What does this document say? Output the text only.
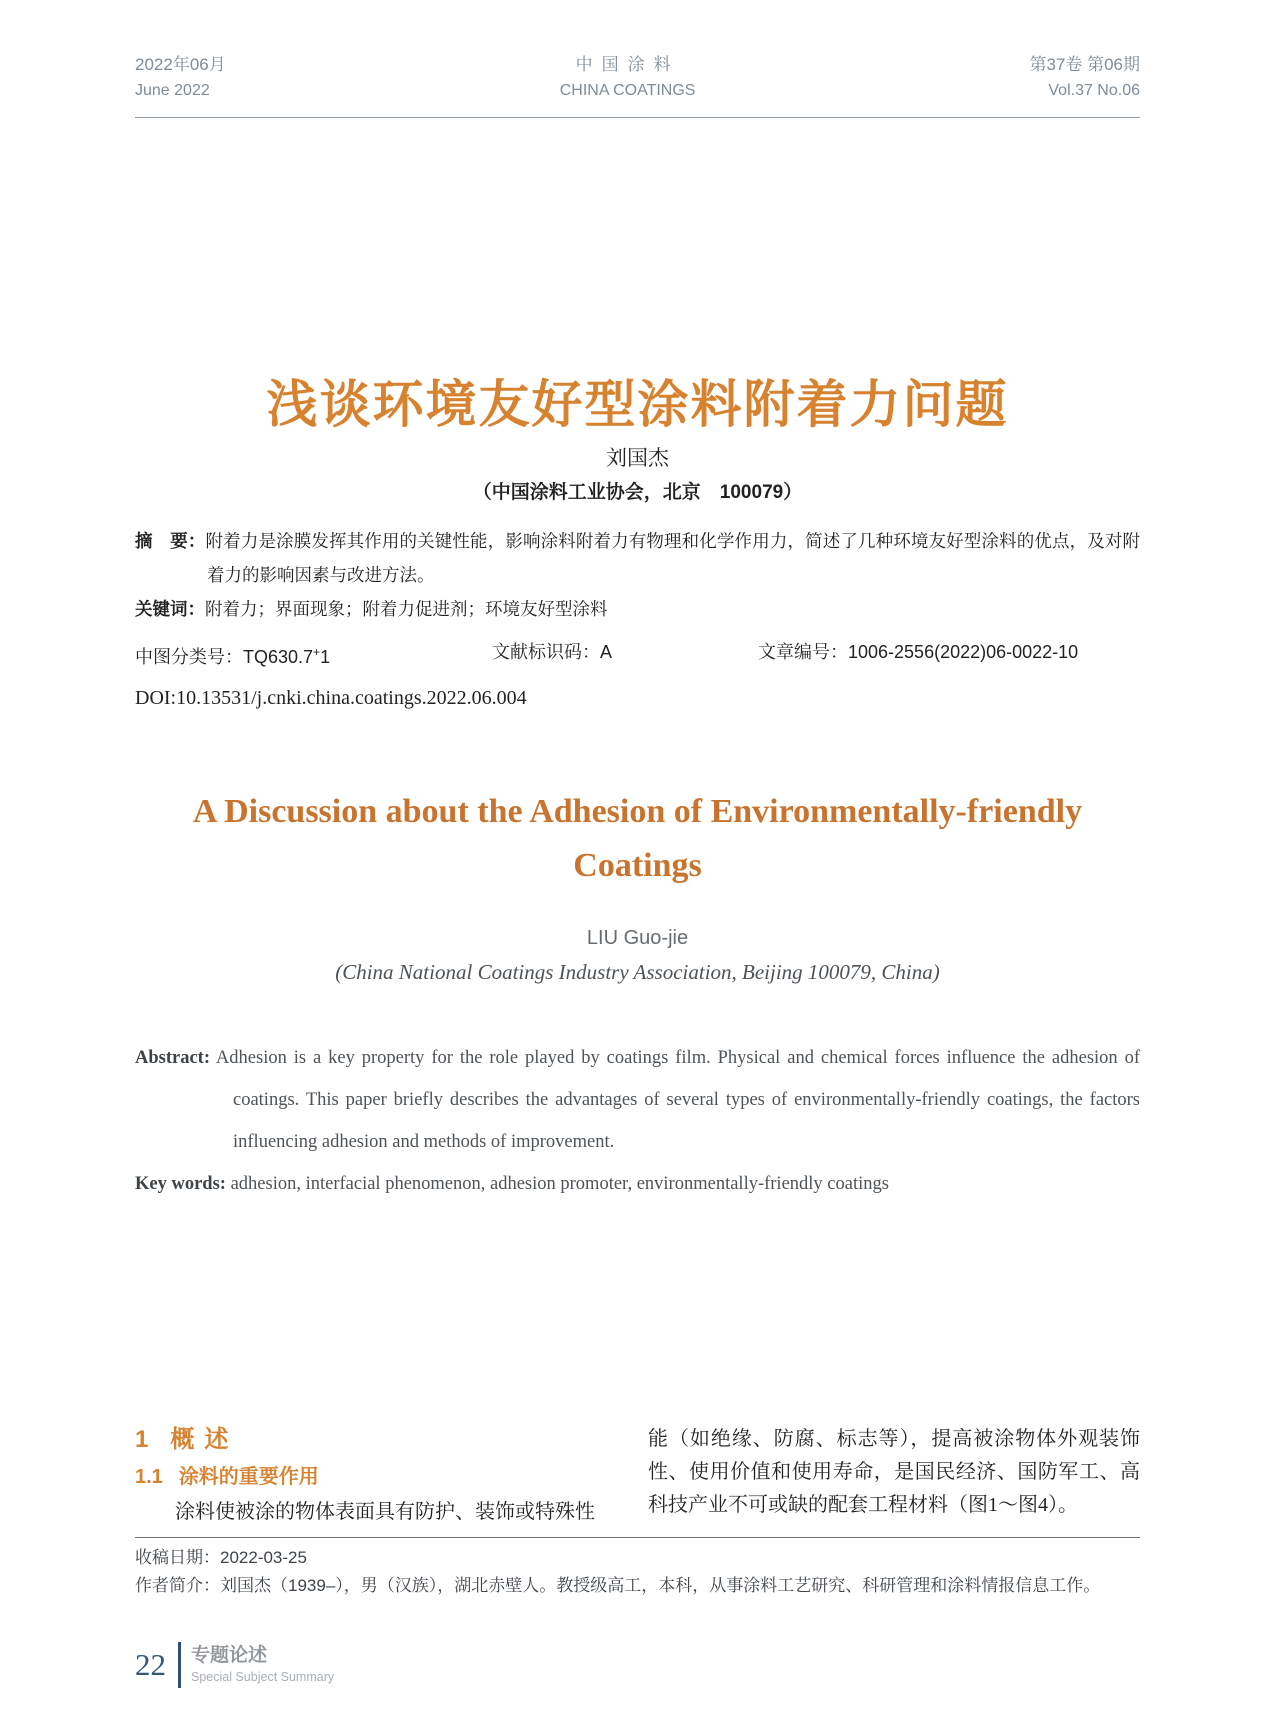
2022年06月
June 2022
中国涂料
CHINA COATINGS
第37卷 第06期
Vol.37 No.06
浅谈环境友好型涂料附着力问题
刘国杰
（中国涂料工业协会，北京　100079）

摘　要：附着力是涂膜发挥其作用的关键性能，影响涂料附着力有物理和化学作用力，简述了几种环境友好型涂料的优点，及对附着力的影响因素与改进方法。

关键词：附着力；界面现象；附着力促进剂；环境友好型涂料

中图分类号：TQ630.7+1	文献标识码：A	文章编号：1006-2556(2022)06-0022-10
DOI:10.13531/j.cnki.china.coatings.2022.06.004
A Discussion about the Adhesion of Environmentally-friendly
Coatings
LIU Guo-jie
(China National Coatings Industry Association, Beijing 100079, China)

Abstract: Adhesion is a key property for the role played by coatings film. Physical and chemical forces influence the adhesion of coatings. This paper briefly describes the advantages of several types of environmentally-friendly coatings, the factors influencing adhesion and methods of improvement.

Key words: adhesion, interfacial phenomenon, adhesion promoter, environmentally-friendly coatings

1 概述
1.1 涂料的重要作用

涂料使被涂的物体表面具有防护、装饰或特殊性

能（如绝缘、防腐、标志等），提高被涂物体外观装饰性、使用价值和使用寿命，是国民经济、国防军工、高科技产业不可或缺的配套工程材料（图1～图4）。

收稿日期：2022-03-25
作者简介：刘国杰（1939–），男（汉族），湖北赤壁人。教授级高工，本科，从事涂料工艺研究、科研管理和涂料情报信息工作。
22 专题论述
Special Subject Summary
